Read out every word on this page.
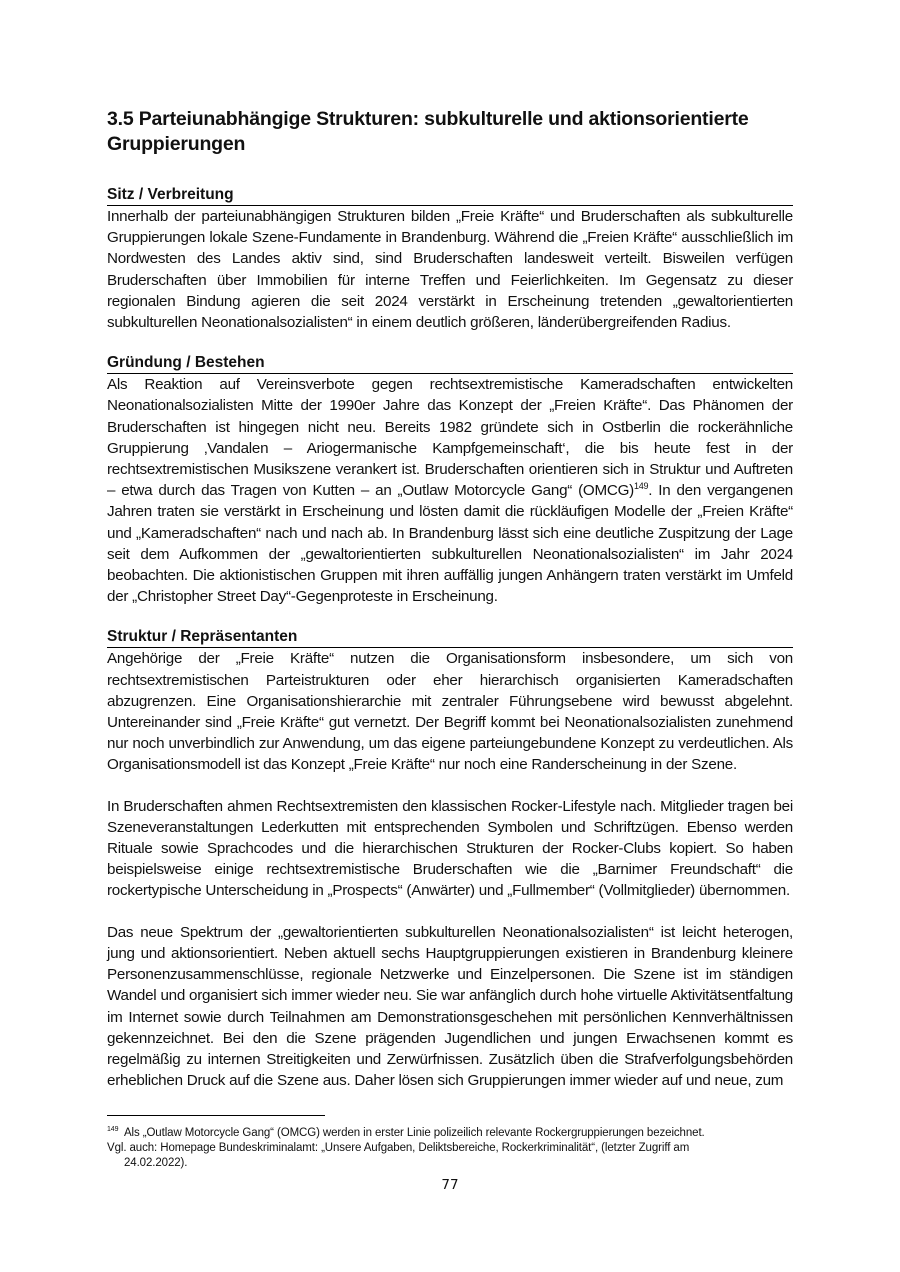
3.5 Parteiunabhängige Strukturen: subkulturelle und aktionsorientierte Gruppierungen
Sitz / Verbreitung

Innerhalb der parteiunabhängigen Strukturen bilden „Freie Kräfte“ und Bruderschaften als subkulturelle Gruppierungen lokale Szene-Fundamente in Brandenburg. Während die „Freien Kräfte“ ausschließlich im Nordwesten des Landes aktiv sind, sind Bruderschaften landesweit verteilt. Bisweilen verfügen Bruderschaften über Immobilien für interne Treffen und Feierlichkeiten. Im Gegensatz zu dieser regionalen Bindung agieren die seit 2024 verstärkt in Erscheinung tretenden „gewaltorientierten subkulturellen Neonationalsozialisten“ in einem deutlich größeren, länderübergreifenden Radius.

Gründung / Bestehen

Als Reaktion auf Vereinsverbote gegen rechtsextremistische Kameradschaften entwickelten Neonationalsozialisten Mitte der 1990er Jahre das Konzept der „Freien Kräfte“. Das Phänomen der Bruderschaften ist hingegen nicht neu. Bereits 1982 gründete sich in Ostberlin die rockerähnliche Gruppierung ‚Vandalen – Ariogermanische Kampfgemeinschaft‘, die bis heute fest in der rechtsextremistischen Musikszene verankert ist. Bruderschaften orientieren sich in Struktur und Auftreten – etwa durch das Tragen von Kutten – an „Outlaw Motorcycle Gang“ (OMCG)$^{149}$. In den vergangenen Jahren traten sie verstärkt in Erscheinung und lösten damit die rückläufigen Modelle der „Freien Kräfte“ und „Kameradschaften“ nach und nach ab. In Brandenburg lässt sich eine deutliche Zuspitzung der Lage seit dem Aufkommen der „gewaltorientierten subkulturellen Neonationalsozialisten“ im Jahr 2024 beobachten. Die aktionistischen Gruppen mit ihren auffällig jungen Anhängern traten verstärkt im Umfeld der „Christopher Street Day“-Gegenproteste in Erscheinung.

Struktur / Repräsentanten

Angehörige der „Freie Kräfte“ nutzen die Organisationsform insbesondere, um sich von rechtsextremistischen Parteistrukturen oder eher hierarchisch organisierten Kameradschaften abzugrenzen. Eine Organisationshierarchie mit zentraler Führungsebene wird bewusst abgelehnt. Untereinander sind „Freie Kräfte“ gut vernetzt. Der Begriff kommt bei Neonationalsozialisten zunehmend nur noch unverbindlich zur Anwendung, um das eigene parteiungebundene Konzept zu verdeutlichen. Als Organisationsmodell ist das Konzept „Freie Kräfte“ nur noch eine Randerscheinung in der Szene.

In Bruderschaften ahmen Rechtsextremisten den klassischen Rocker-Lifestyle nach. Mitglieder tragen bei Szeneveranstaltungen Lederkutten mit entsprechenden Symbolen und Schriftzügen. Ebenso werden Rituale sowie Sprachcodes und die hierarchischen Strukturen der Rocker-Clubs kopiert. So haben beispielsweise einige rechtsextremistische Bruderschaften wie die „Barnimer Freundschaft“ die rockertypische Unterscheidung in „Prospects“ (Anwärter) und „Fullmember“ (Vollmitglieder) übernommen.

Das neue Spektrum der „gewaltorientierten subkulturellen Neonationalsozialisten“ ist leicht heterogen, jung und aktionsorientiert. Neben aktuell sechs Hauptgruppierungen existieren in Brandenburg kleinere Personenzusammenschlüsse, regionale Netzwerke und Einzelpersonen. Die Szene ist im ständigen Wandel und organisiert sich immer wieder neu. Sie war anfänglich durch hohe virtuelle Aktivitätsentfaltung im Internet sowie durch Teilnahmen am Demonstrationsgeschehen mit persönlichen Kennverhältnissen gekennzeichnet. Bei den die Szene prägenden Jugendlichen und jungen Erwachsenen kommt es regelmäßig zu internen Streitigkeiten und Zerwürfnissen. Zusätzlich üben die Strafverfolgungsbehörden erheblichen Druck auf die Szene aus. Daher lösen sich Gruppierungen immer wieder auf und neue, zum

$^{149}$ Als „Outlaw Motorcycle Gang“ (OMCG) werden in erster Linie polizeilich relevante Rockergruppierungen bezeichnet.

Vgl. auch: Homepage Bundeskriminalamt: „Unsere Aufgaben, Deliktsbereiche, Rockerkriminalität“, (letzter Zugriff am

24.02.2022).

77
